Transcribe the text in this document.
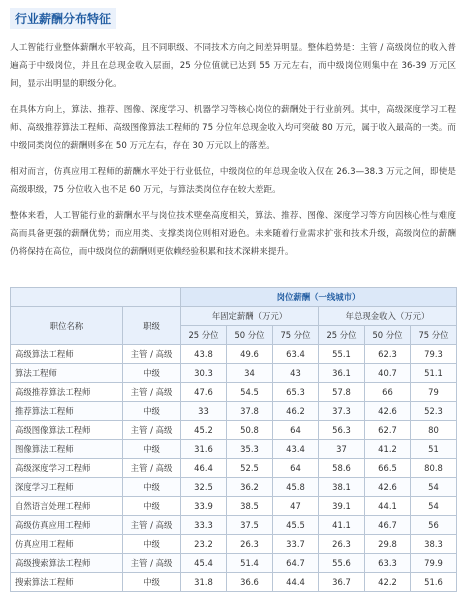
行业薪酬分布特征

人工智能行业整体薪酬水平较高，且不同职级、不同技术方向之间差异明显。整体趋势是：主管 / 高级岗位的收入普遍高于中级岗位，并且在总现金收入层面，25 分位值就已达到 55 万元左右，而中级岗位则集中在 36-39 万元区间，显示出明显的职级分化。

在具体方向上，算法、推荐、图像、深度学习、机器学习等核心岗位的薪酬处于行业前列。其中，高级深度学习工程师、高级推荐算法工程师、高级图像算法工程师的 75 分位年总现金收入均可突破 80 万元，属于收入最高的一类。而中级同类岗位的薪酬则多在 50 万元左右，存在 30 万元以上的落差。

相对而言，仿真应用工程师的薪酬水平处于行业低位，中级岗位的年总现金收入仅在 26.3—38.3 万元之间，即使是高级职级，75 分位收入也不足 60 万元，与算法类岗位存在较大差距。

整体来看，人工智能行业的薪酬水平与岗位技术壁垒高度相关，算法、推荐、图像、深度学习等方向因核心性与难度高而具备更强的薪酬优势；而应用类、支撑类岗位则相对逊色。未来随着行业需求扩张和技术升级，高级岗位的薪酬仍将保持在高位，而中级岗位的薪酬则更依赖经验积累和技术深耕来提升。

		岗位薪酬（一线城市）					
职位名称	职级	年固定薪酬（万元）			年总现金收入（万元）		
		25 分位	50 分位	75 分位	25 分位	50 分位	75 分位
高级算法工程师	主管 / 高级	43.8	49.6	63.4	55.1	62.3	79.3
算法工程师	中级	30.3	34	43	36.1	40.7	51.1
高级推荐算法工程师	主管 / 高级	47.6	54.5	65.3	57.8	66	79
推荐算法工程师	中级	33	37.8	46.2	37.3	42.6	52.3
高级图像算法工程师	主管 / 高级	45.2	50.8	64	56.3	62.7	80
图像算法工程师	中级	31.6	35.3	43.4	37	41.2	51
高级深度学习工程师	主管 / 高级	46.4	52.5	64	58.6	66.5	80.8
深度学习工程师	中级	32.5	36.2	45.8	38.1	42.6	54
自然语言处理工程师	中级	33.9	38.5	47	39.1	44.1	54
高级仿真应用工程师	主管 / 高级	33.3	37.5	45.5	41.1	46.7	56
仿真应用工程师	中级	23.2	26.3	33.7	26.3	29.8	38.3
高级搜索算法工程师	主管 / 高级	45.4	51.4	64.7	55.6	63.3	79.9
搜索算法工程师	中级	31.8	36.6	44.4	36.7	42.2	51.6
